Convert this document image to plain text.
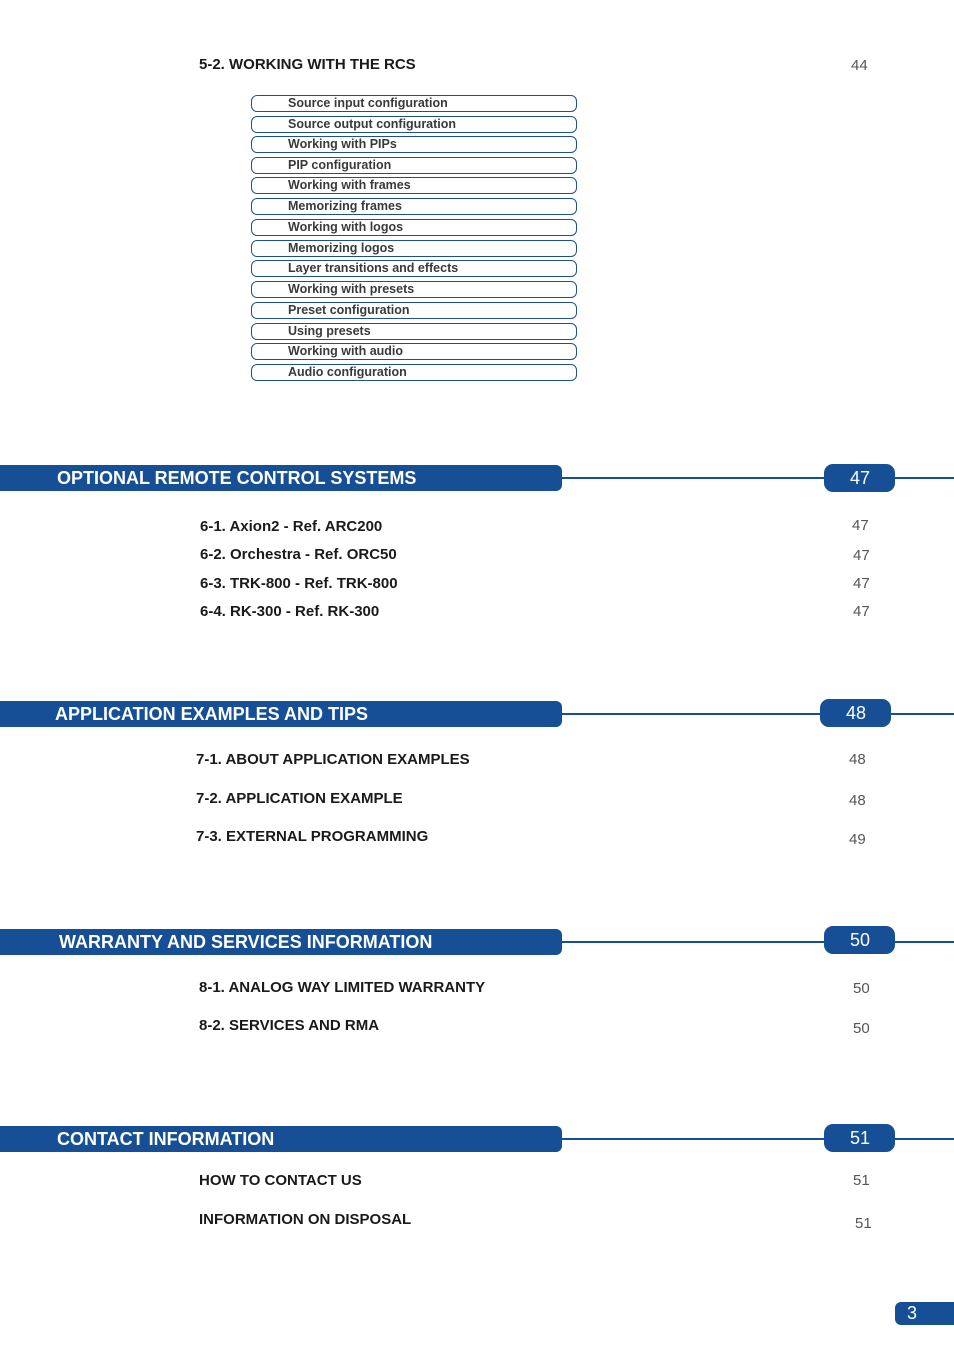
5-2. WORKING WITH THE RCS	44
Source input configuration
Source output configuration
Working with PIPs
PIP configuration
Working with frames
Memorizing frames
Working with logos
Memorizing logos
Layer transitions and effects
Working with presets
Preset configuration
Using presets
Working with audio
Audio configuration
OPTIONAL REMOTE CONTROL SYSTEMS	47
6-1. Axion2 - Ref. ARC200	47
6-2. Orchestra - Ref. ORC50	47
6-3. TRK-800 - Ref. TRK-800	47
6-4. RK-300 - Ref. RK-300	47
APPLICATION EXAMPLES AND TIPS	48
7-1. ABOUT APPLICATION EXAMPLES	48
7-2. APPLICATION EXAMPLE	48
7-3. EXTERNAL PROGRAMMING	49
WARRANTY AND SERVICES INFORMATION	50
8-1. ANALOG WAY LIMITED WARRANTY	50
8-2. SERVICES AND RMA	50
CONTACT INFORMATION	51
HOW TO CONTACT US	51
INFORMATION ON DISPOSAL	51
3
